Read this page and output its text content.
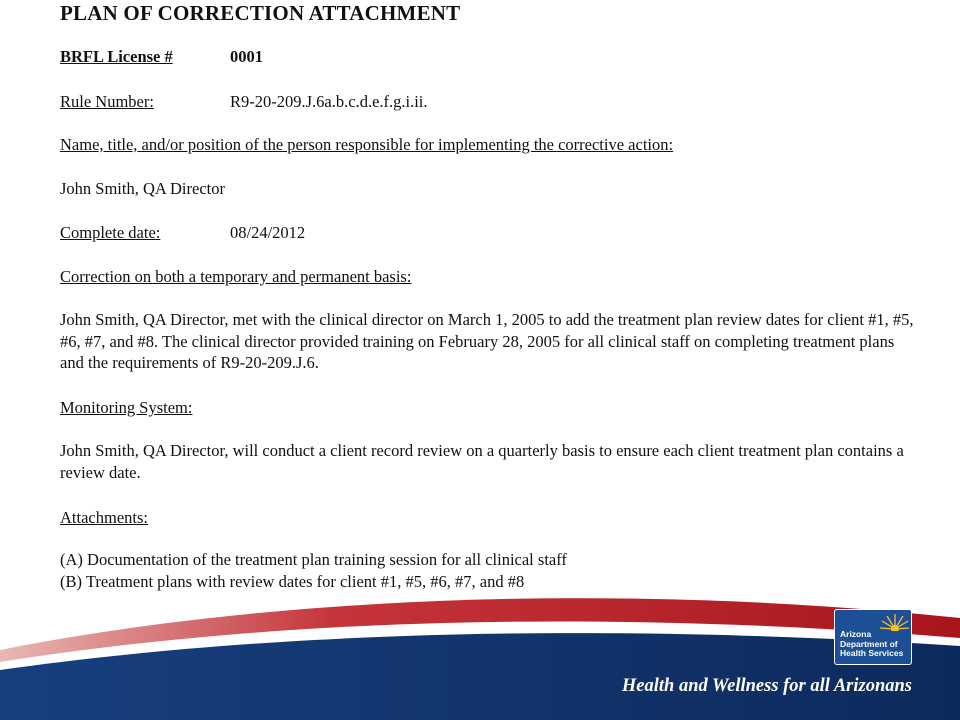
PLAN OF CORRECTION ATTACHMENT
BRFL License #	0001
Rule Number:	R9-20-209.J.6a.b.c.d.e.f.g.i.ii.
Name, title, and/or position of the person responsible for implementing the corrective action:
John Smith, QA Director
Complete date:	08/24/2012
Correction on both a temporary and permanent basis:
John Smith, QA Director, met with the clinical director on March 1, 2005 to add the treatment plan review dates for client #1, #5, #6, #7, and #8. The clinical director provided training on February 28, 2005 for all clinical staff on completing treatment plans and the requirements of R9-20-209.J.6.
Monitoring System:
John Smith, QA Director, will conduct a client record review on a quarterly basis to ensure each client treatment plan contains a review date.
Attachments:
(A) Documentation of the treatment plan training session for all clinical staff
(B) Treatment plans with review dates for client #1, #5, #6, #7, and #8
Arizona
Department of
Health Services
Health and Wellness for all Arizonans
